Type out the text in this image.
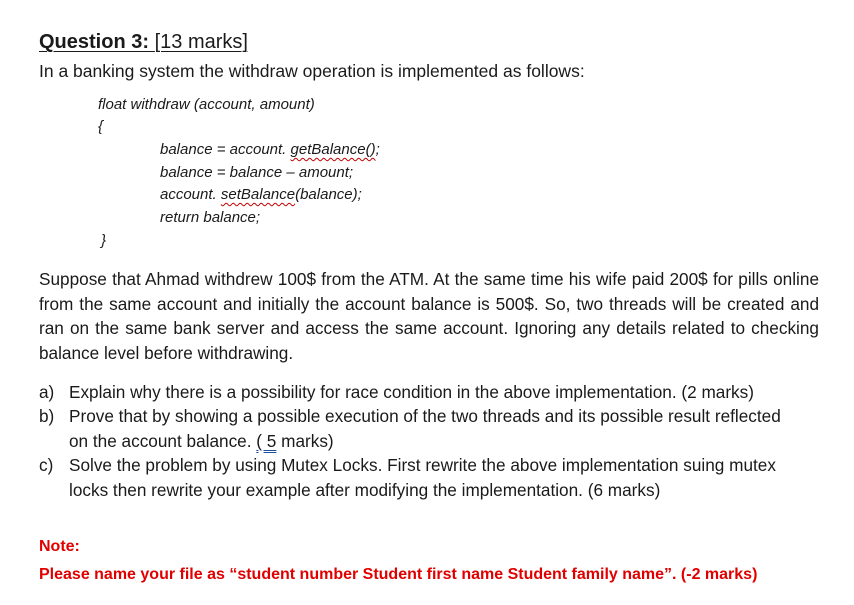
Question 3: [13 marks]
In a banking system the withdraw operation is implemented as follows:
float withdraw (account, amount)
{
balance = account. getBalance();
balance = balance – amount;
account. setBalance(balance);
return balance;
}

Suppose that Ahmad withdrew 100$ from the ATM. At the same time his wife paid 200$ for pills online from the same account and initially the account balance is 500$. So, two threads will be created and ran on the same bank server and access the same account. Ignoring any details related to checking balance level before withdrawing.

a) Explain why there is a possibility for race condition in the above implementation. (2 marks)
b) Prove that by showing a possible execution of the two threads and its possible result reflected
on the account balance. ( 5 marks)
c) Solve the problem by using Mutex Locks. First rewrite the above implementation suing mutex
locks then rewrite your example after modifying the implementation. (6 marks)
Note:
Please name your file as “student number Student first name Student family name”. (-2 marks)
